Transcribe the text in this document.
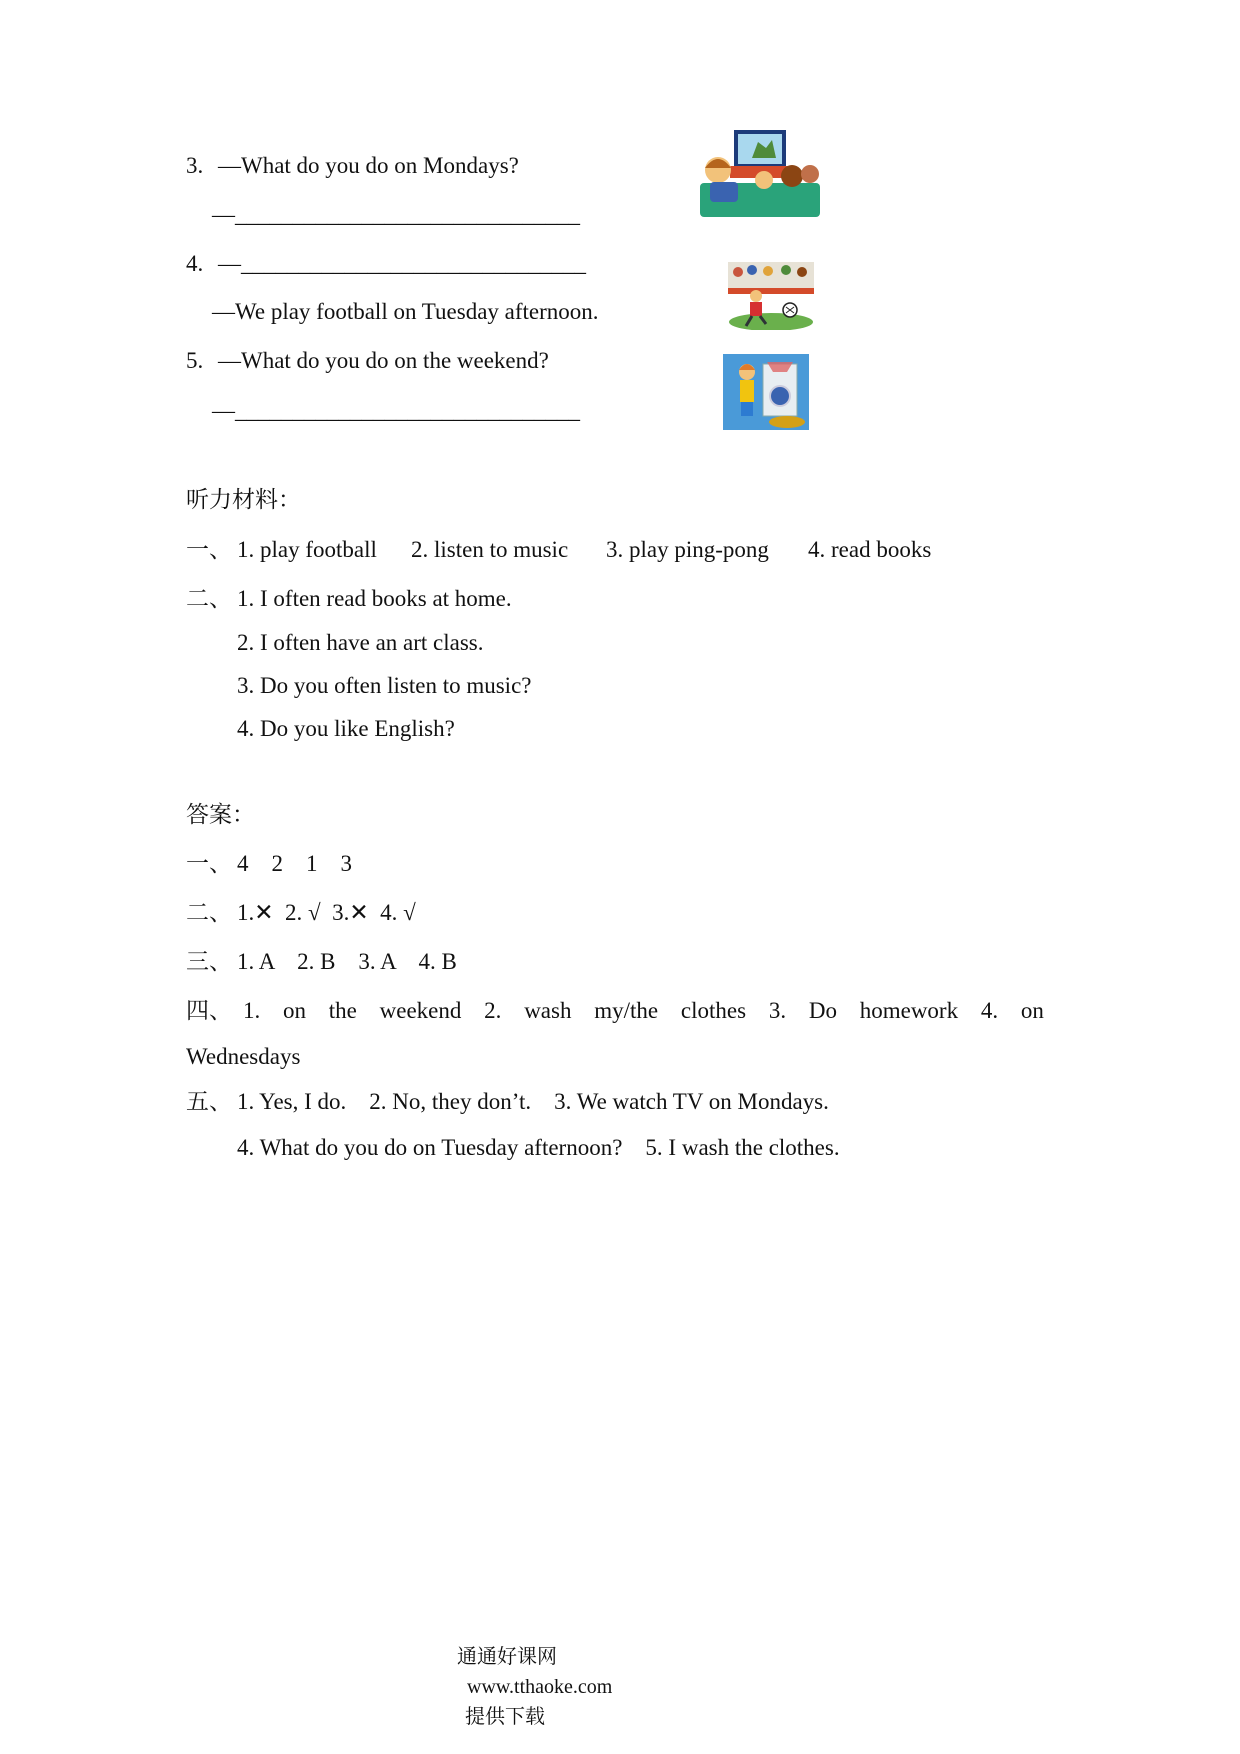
3. —What do you do on Mondays?
—______________________________
4. —______________________________
—We play football on Tuesday afternoon.
5. —What do you do on the weekend?
—______________________________
听力材料：
一、 1. play football 2. listen to music 3. play ping-pong 4. read books
二、 1. I often read books at home.
2. I often have an art class.
3. Do you often listen to music?
4. Do you like English?
答案：
一、 4　2　1　3
二、 1.✕  2. √  3.✕  4. √
三、 1. A　2. B　3. A　4. B
四、 1. on the weekend 2. wash my/the clothes 3. Do homework 4. on
Wednesdays
五、 1. Yes, I do.　2. No, they don’t.　3. We watch TV on Mondays.
4. What do you do on Tuesday afternoon?　5. I wash the clothes.

通通好课网
www.tthaoke.com
提供下载
